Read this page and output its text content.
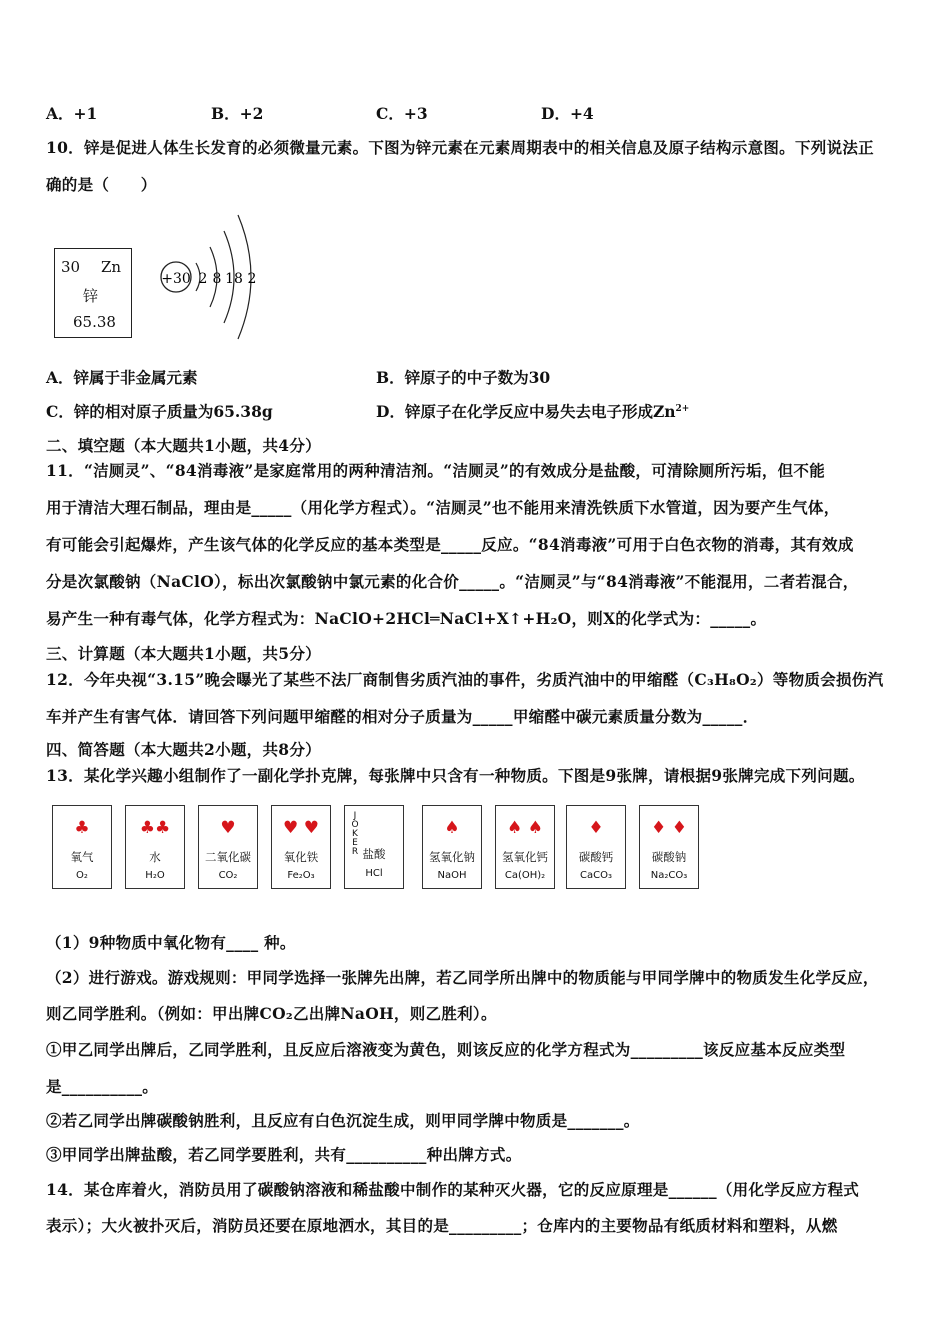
A．+1	B．+2	C．+3	D．+4
10．锌是促进人体生长发育的必须微量元素。下图为锌元素在元素周期表中的相关信息及原子结构示意图。下列说法正
确的是（　　）
30 Zn
锌
65.38
+30 2 8 18 2
A．锌属于非金属元素	B．锌原子的中子数为30
C．锌的相对原子质量为65.38g	D．锌原子在化学反应中易失去电子形成$Zn^{2+}$
二、填空题（本大题共1小题，共4分）
11．“洁厕灵”、“84消毒液”是家庭常用的两种清洁剂。“洁厕灵”的有效成分是盐酸，可清除厕所污垢，但不能
用于清洁大理石制品，理由是_____（用化学方程式）。“洁厕灵”也不能用来清洗铁质下水管道，因为要产生气体，
有可能会引起爆炸，产生该气体的化学反应的基本类型是_____反应。“84消毒液”可用于白色衣物的消毒，其有效成
分是次氯酸钠（NaClO），标出次氯酸钠中氯元素的化合价_____。“洁厕灵”与“84消毒液”不能混用，二者若混合，
易产生一种有毒气体，化学方程式为：NaClO+2HCl═NaCl+X↑+H₂O，则X的化学式为：_____。
三、计算题（本大题共1小题，共5分）
12．今年央视“3.15”晚会曝光了某些不法厂商制售劣质汽油的事件，劣质汽油中的甲缩醛（C₃H₈O₂）等物质会损伤汽
车并产生有害气体．请回答下列问题甲缩醛的相对分子质量为_____甲缩醛中碳元素质量分数为_____．
四、简答题（本大题共2小题，共8分）
13．某化学兴趣小组制作了一副化学扑克牌，每张牌中只含有一种物质。下图是9张牌，请根据9张牌完成下列问题。
♣
氧气
O₂
♣♣
水
H₂O
♥
二氧化碳
CO₂
♥ ♥
氧化铁
Fe₂O₃
J
O
K
E
R 盐酸
HCl
♠
氢氧化钠
NaOH
♠ ♠
氢氧化钙
Ca(OH)₂
♦
碳酸钙
CaCO₃
♦ ♦
碳酸钠
Na₂CO₃
（1）9种物质中氧化物有____ 种。
（2）进行游戏。游戏规则：甲同学选择一张牌先出牌，若乙同学所出牌中的物质能与甲同学牌中的物质发生化学反应，
则乙同学胜利。（例如：甲出牌CO₂乙出牌NaOH，则乙胜利）。
①甲乙同学出牌后，乙同学胜利，且反应后溶液变为黄色，则该反应的化学方程式为_________该反应基本反应类型
是__________。
②若乙同学出牌碳酸钠胜利，且反应有白色沉淀生成，则甲同学牌中物质是_______。
③甲同学出牌盐酸，若乙同学要胜利，共有__________种出牌方式。
14．某仓库着火，消防员用了碳酸钠溶液和稀盐酸中制作的某种灭火器，它的反应原理是______（用化学反应方程式
表示）；大火被扑灭后，消防员还要在原地洒水，其目的是_________；仓库内的主要物品有纸质材料和塑料，从燃
